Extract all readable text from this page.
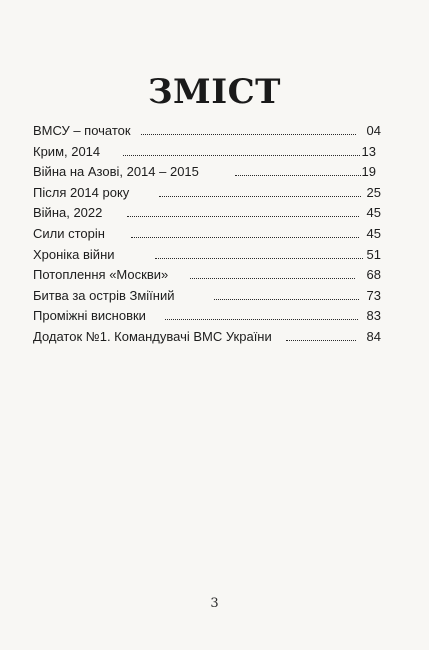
ЗМІСТ
ВМСУ – початок	04
Крим, 2014	13
Війна на Азові, 2014 – 2015	19
Після 2014 року	25
Війна, 2022	45
Сили сторін	45
Хроніка війни	51
Потоплення «Москви»	68
Битва за острів Зміїний	73
Проміжні висновки	83
Додаток №1. Командувачі ВМС України	84
3
